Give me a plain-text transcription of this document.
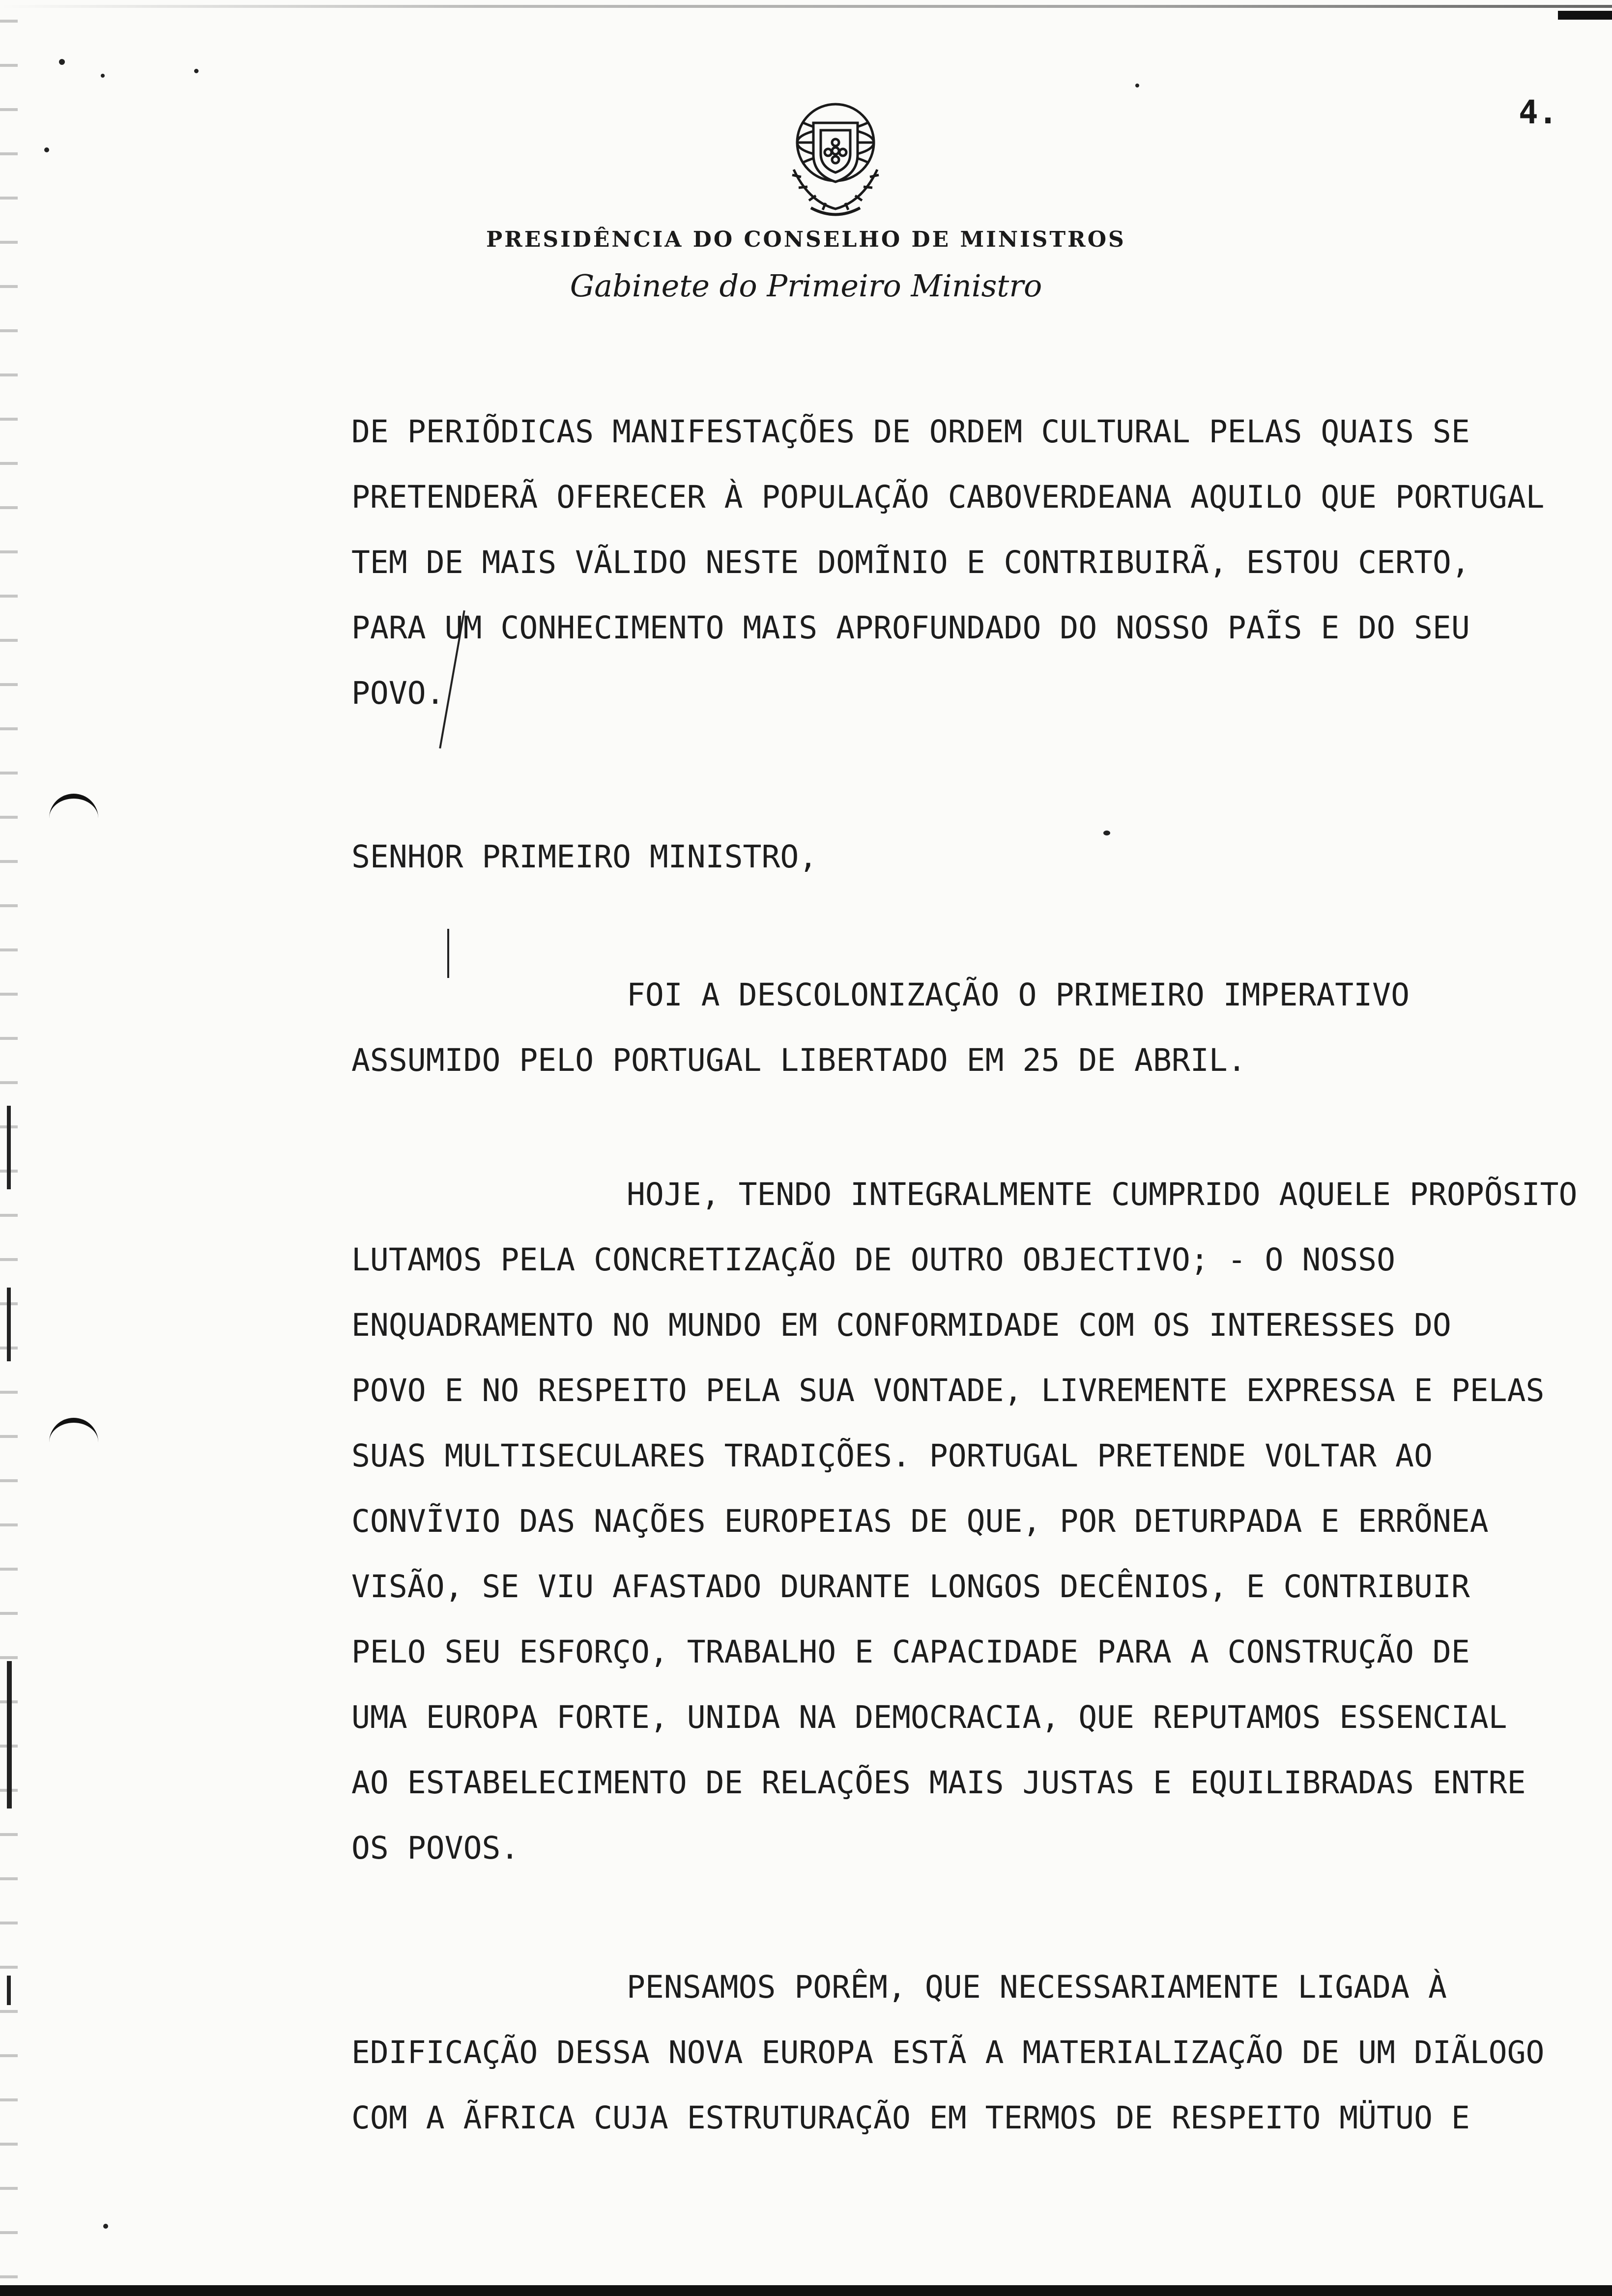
4.
PRESIDÊNCIA DO CONSELHO DE MINISTROS
Gabinete do Primeiro Ministro

DE PERIÕDICAS MANIFESTAÇÕES DE ORDEM CULTURAL PELAS QUAIS SE

PRETENDERÃ OFERECER À POPULAÇÃO CABOVERDEANA AQUILO QUE PORTUGAL

TEM DE MAIS VÃLIDO NESTE DOMĨNIO E CONTRIBUIRÃ, ESTOU CERTO,

PARA UM CONHECIMENTO MAIS APROFUNDADO DO NOSSO PAĨS E DO SEU

POVO.

SENHOR PRIMEIRO MINISTRO,

FOI A DESCOLONIZAÇÃO O PRIMEIRO IMPERATIVO

ASSUMIDO PELO PORTUGAL LIBERTADO EM 25 DE ABRIL.

HOJE, TENDO INTEGRALMENTE CUMPRIDO AQUELE PROPÕSITO

LUTAMOS PELA CONCRETIZAÇÃO DE OUTRO OBJECTIVO; - O NOSSO

ENQUADRAMENTO NO MUNDO EM CONFORMIDADE COM OS INTERESSES DO

POVO E NO RESPEITO PELA SUA VONTADE, LIVREMENTE EXPRESSA E PELAS

SUAS MULTISECULARES TRADIÇÕES. PORTUGAL PRETENDE VOLTAR AO

CONVĨVIO DAS NAÇÕES EUROPEIAS DE QUE, POR DETURPADA E ERRÕNEA

VISÃO, SE VIU AFASTADO DURANTE LONGOS DECÊNIOS, E CONTRIBUIR

PELO SEU ESFORÇO, TRABALHO E CAPACIDADE PARA A CONSTRUÇÃO DE

UMA EUROPA FORTE, UNIDA NA DEMOCRACIA, QUE REPUTAMOS ESSENCIAL

AO ESTABELECIMENTO DE RELAÇÕES MAIS JUSTAS E EQUILIBRADAS ENTRE

OS POVOS.

PENSAMOS PORÊM, QUE NECESSARIAMENTE LIGADA À

EDIFICAÇÃO DESSA NOVA EUROPA ESTÃ A MATERIALIZAÇÃO DE UM DIÃLOGO

COM A ÃFRICA CUJA ESTRUTURAÇÃO EM TERMOS DE RESPEITO MÜTUO E
